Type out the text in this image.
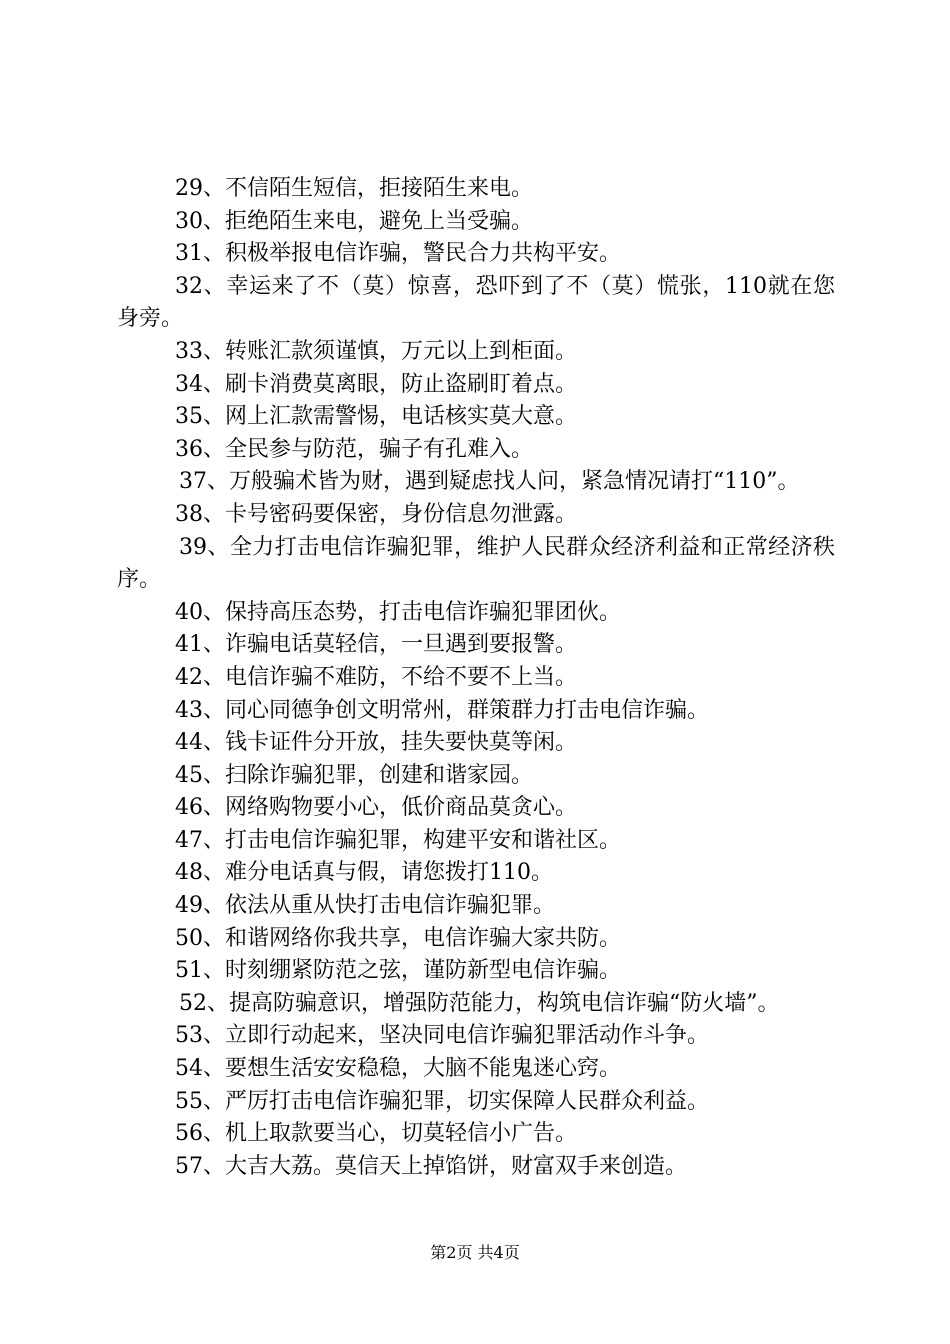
29、不信陌生短信，拒接陌生来电。

30、拒绝陌生来电，避免上当受骗。

31、积极举报电信诈骗，警民合力共构平安。

32、幸运来了不（莫）惊喜，恐吓到了不（莫）慌张，110就在您身旁。

33、转账汇款须谨慎，万元以上到柜面。

34、刷卡消费莫离眼，防止盗刷盯着点。

35、网上汇款需警惕，电话核实莫大意。

36、全民参与防范，骗子有孔难入。

37、万般骗术皆为财，遇到疑虑找人问，紧急情况请打“110”。

38、卡号密码要保密，身份信息勿泄露。

39、全力打击电信诈骗犯罪，维护人民群众经济利益和正常经济秩序。

40、保持高压态势，打击电信诈骗犯罪团伙。

41、诈骗电话莫轻信，一旦遇到要报警。

42、电信诈骗不难防，不给不要不上当。

43、同心同德争创文明常州，群策群力打击电信诈骗。

44、钱卡证件分开放，挂失要快莫等闲。

45、扫除诈骗犯罪，创建和谐家园。

46、网络购物要小心，低价商品莫贪心。

47、打击电信诈骗犯罪，构建平安和谐社区。

48、难分电话真与假，请您拨打110。

49、依法从重从快打击电信诈骗犯罪。

50、和谐网络你我共享，电信诈骗大家共防。

51、时刻绷紧防范之弦，谨防新型电信诈骗。

52、提高防骗意识，增强防范能力，构筑电信诈骗“防火墙”。

53、立即行动起来，坚决同电信诈骗犯罪活动作斗争。

54、要想生活安安稳稳，大脑不能鬼迷心窍。

55、严厉打击电信诈骗犯罪，切实保障人民群众利益。

56、机上取款要当心，切莫轻信小广告。

57、大吉大荔。莫信天上掉馅饼，财富双手来创造。

第2页 共4页
